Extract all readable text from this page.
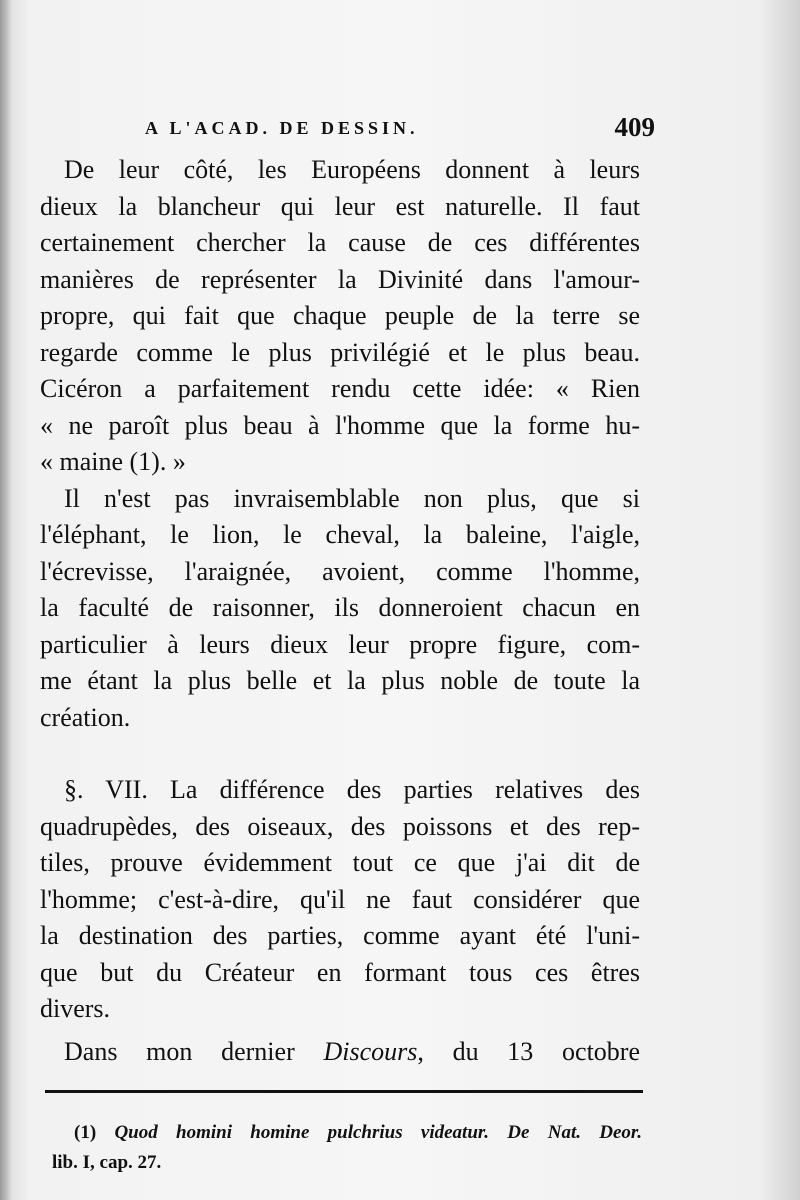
A L'ACAD. DE DESSIN.	409
De leur côté, les Européens donnent à leurs
dieux la blancheur qui leur est naturelle. Il faut
certainement chercher la cause de ces différentes
manières de représenter la Divinité dans l'amour-
propre, qui fait que chaque peuple de la terre se
regarde comme le plus privilégié et le plus beau.
Cicéron a parfaitement rendu cette idée: « Rien
« ne paroît plus beau à l'homme que la forme hu-
« maine (1). »
Il n'est pas invraisemblable non plus, que si
l'éléphant, le lion, le cheval, la baleine, l'aigle,
l'écrevisse, l'araignée, avoient, comme l'homme,
la faculté de raisonner, ils donneroient chacun en
particulier à leurs dieux leur propre figure, com-
me étant la plus belle et la plus noble de toute la
création.
§. VII. La différence des parties relatives des
quadrupèdes, des oiseaux, des poissons et des rep-
tiles, prouve évidemment tout ce que j'ai dit de
l'homme; c'est-à-dire, qu'il ne faut considérer que
la destination des parties, comme ayant été l'uni-
que but du Créateur en formant tous ces êtres
divers.
Dans mon dernier Discours, du 13 octobre
(1) Quod homini homine pulchrius videatur. De Nat. Deor.
lib. I, cap. 27.
